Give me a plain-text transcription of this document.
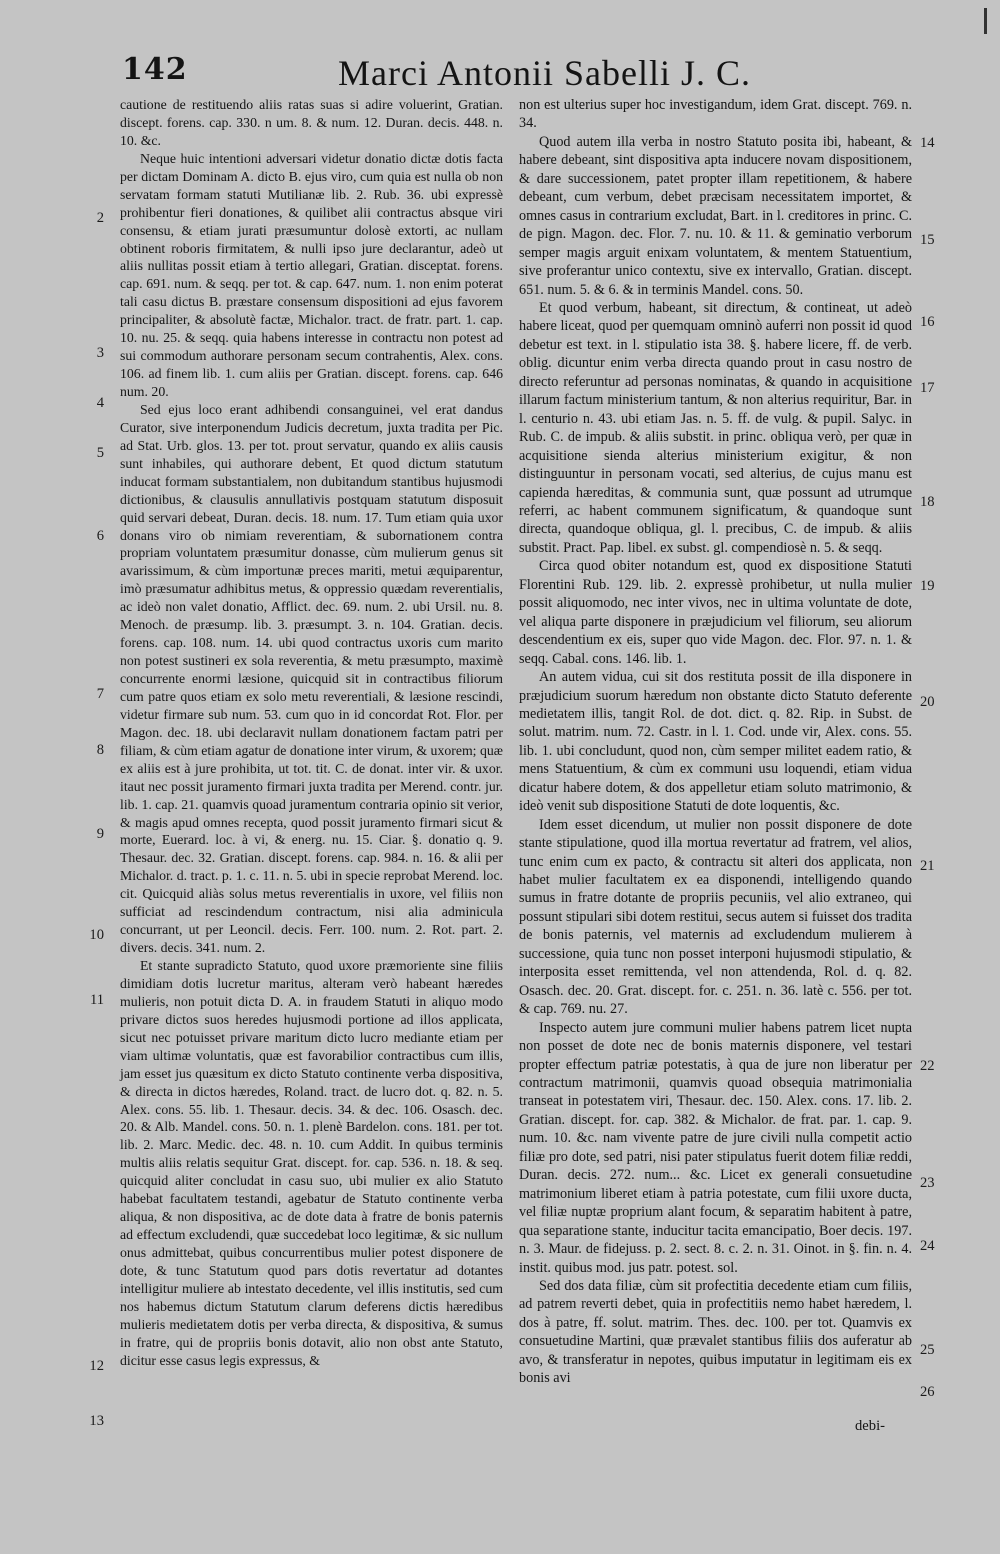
142	Marci Antonii Sabelli J. C.

cautione de restituendo aliis ratas suas si adire voluerint, Gratian. discept. forens. cap. 330. n um. 8. & num. 12. Duran. decis. 448. n. 10. &c.

Neque huic intentioni adversari videtur donatio dictæ dotis facta per dictam Dominam A. dicto B. ejus viro, cum quia est nulla ob non servatam formam statuti Mutilianæ lib. 2. Rub. 36. ubi expressè prohibentur fieri donationes, & quilibet alii contractus absque viri consensu, & etiam jurati præsumuntur dolosè extorti, ac nullam obtinent roboris firmitatem, & nulli ipso jure declarantur, adeò ut aliis nullitas possit etiam à tertio allegari, Gratian. disceptat. forens. cap. 691. num. & seqq. per tot. & cap. 647. num. 1. non enim poterat tali casu dictus B. præstare consensum dispositioni ad ejus favorem principaliter, & absolutè factæ, Michalor. tract. de fratr. part. 1. cap. 10. nu. 25. & seqq. quia habens interesse in contractu non potest ad sui commodum authorare personam secum contrahentis, Alex. cons. 106. ad finem lib. 1. cum aliis per Gratian. discept. forens. cap. 646 num. 20.

Sed ejus loco erant adhibendi consanguinei, vel erat dandus Curator, sive interponendum Judicis decretum, juxta tradita per Pic. ad Stat. Urb. glos. 13. per tot. prout servatur, quando ex aliis causis sunt inhabiles, qui authorare debent, Et quod dictum statutum inducat formam substantialem, non dubitandum stantibus hujusmodi dictionibus, & clausulis annullativis postquam statutum disposuit quid servari debeat, Duran. decis. 18. num. 17. Tum etiam quia uxor donans viro ob nimiam reverentiam, & subornationem contra propriam voluntatem præsumitur donasse, cùm mulierum genus sit avarissimum, & cùm importunæ preces mariti, metui æquiparentur, imò præsumatur adhibitus metus, & oppressio quædam reverentialis, ac ideò non valet donatio, Afflict. dec. 69. num. 2. ubi Ursil. nu. 8. Menoch. de præsump. lib. 3. præsumpt. 3. n. 104. Gratian. decis. forens. cap. 108. num. 14. ubi quod contractus uxoris cum marito non potest sustineri ex sola reverentia, & metu præsumpto, maximè concurrente enormi læsione, quicquid sit in contractibus filiorum cum patre quos etiam ex solo metu reverentiali, & læsione rescindi, videtur firmare sub num. 53. cum quo in id concordat Rot. Flor. per Magon. dec. 18. ubi declaravit nullam donationem factam patri per filiam, & cùm etiam agatur de donatione inter virum, & uxorem; quæ ex aliis est à jure prohibita, ut tot. tit. C. de donat. inter vir. & uxor. itaut nec possit juramento firmari juxta tradita per Merend. contr. jur. lib. 1. cap. 21. quamvis quoad juramentum contraria opinio sit verior, & magis apud omnes recepta, quod possit juramento firmari sicut & morte, Euerard. loc. à vi, & energ. nu. 15. Ciar. §. donatio q. 9. Thesaur. dec. 32. Gratian. discept. forens. cap. 984. n. 16. & alii per Michalor. d. tract. p. 1. c. 11. n. 5. ubi in specie reprobat Merend. loc. cit. Quicquid aliàs solus metus reverentialis in uxore, vel filiis non sufficiat ad rescindendum contractum, nisi alia adminicula concurrant, ut per Leoncil. decis. Ferr. 100. num. 2. Rot. part. 2. divers. decis. 341. num. 2.

Et stante supradicto Statuto, quod uxore præmoriente sine filiis dimidiam dotis lucretur maritus, alteram verò habeant hæredes mulieris, non potuit dicta D. A. in fraudem Statuti in aliquo modo privare dictos suos heredes hujusmodi portione ad illos applicata, sicut nec potuisset privare maritum dicto lucro mediante etiam per viam ultimæ voluntatis, quæ est favorabilior contractibus cum illis, jam esset jus quæsitum ex dicto Statuto continente verba dispositiva, & directa in dictos hæredes, Roland. tract. de lucro dot. q. 82. n. 5. Alex. cons. 55. lib. 1. Thesaur. decis. 34. & dec. 106. Osasch. dec. 20. & Alb. Mandel. cons. 50. n. 1. plenè Bardelon. cons. 181. per tot. lib. 2. Marc. Medic. dec. 48. n. 10. cum Addit. In quibus terminis multis aliis relatis sequitur Grat. discept. for. cap. 536. n. 18. & seq. quicquid aliter concludat in casu suo, ubi mulier ex alio Statuto habebat facultatem testandi, agebatur de Statuto continente verba aliqua, & non dispositiva, ac de dote data à fratre de bonis paternis ad effectum excludendi, quæ succedebat loco legitimæ, & sic nullum onus admittebat, quibus concurrentibus mulier potest disponere de dote, & tunc Statutum quod pars dotis revertatur ad dotantes intelligitur muliere ab intestato decedente, vel illis institutis, sed cum nos habemus dictum Statutum clarum deferens dictis hæredibus mulieris medietatem dotis per verba directa, & dispositiva, & sumus in fratre, qui de propriis bonis dotavit, alio non obst ante Statuto, dicitur esse casus legis expressus, &

non est ulterius super hoc investigandum, idem Grat. discept. 769. n. 34.

Quod autem illa verba in nostro Statuto posita ibi, habeant, & habere debeant, sint dispositiva apta inducere novam dispositionem, & dare successionem, patet propter illam repetitionem, & habere debeant, cum verbum, debet præcisam necessitatem importet, & omnes casus in contrarium excludat, Bart. in l. creditores in princ. C. de pign. Magon. dec. Flor. 7. nu. 10. & 11. & geminatio verborum semper magis arguit enixam voluntatem, & mentem Statuentium, sive proferantur unico contextu, sive ex intervallo, Gratian. discept. 651. num. 5. & 6. & in terminis Mandel. cons. 50.

Et quod verbum, habeant, sit directum, & contineat, ut adeò habere liceat, quod per quemquam omninò auferri non possit id quod debetur est text. in l. stipulatio ista 38. §. habere licere, ff. de verb. oblig. dicuntur enim verba directa quando prout in casu nostro de directo referuntur ad personas nominatas, & quando in acquisitione illarum factum ministerium tantum, & non alterius requiritur, Bar. in l. centurio n. 43. ubi etiam Jas. n. 5. ff. de vulg. & pupil. Salyc. in Rub. C. de impub. & aliis substit. in princ. obliqua verò, per quæ in acquisitione sienda alterius ministerium exigitur, & non distinguuntur in personam vocati, sed alterius, de cujus manu est capienda hæreditas, & communia sunt, quæ possunt ad utrumque referri, ac habent communem significatum, & quandoque sunt directa, quandoque obliqua, gl. l. precibus, C. de impub. & aliis substit. Pract. Pap. libel. ex subst. gl. compendiosè n. 5. & seqq.

Circa quod obiter notandum est, quod ex dispositione Statuti Florentini Rub. 129. lib. 2. expressè prohibetur, ut nulla mulier possit aliquomodo, nec inter vivos, nec in ultima voluntate de dote, vel aliqua parte disponere in præjudicium vel filiorum, seu aliorum descendentium ex eis, super quo vide Magon. dec. Flor. 97. n. 1. & seqq. Cabal. cons. 146. lib. 1.

An autem vidua, cui sit dos restituta possit de illa disponere in præjudicium suorum hæredum non obstante dicto Statuto deferente medietatem illis, tangit Rol. de dot. dict. q. 82. Rip. in Subst. de solut. matrim. num. 72. Castr. in l. 1. Cod. unde vir, Alex. cons. 55. lib. 1. ubi concludunt, quod non, cùm semper militet eadem ratio, & mens Statuentium, & cùm ex communi usu loquendi, etiam vidua dicatur habere dotem, & dos appelletur etiam soluto matrimonio, & ideò venit sub dispositione Statuti de dote loquentis, &c.

Idem esset dicendum, ut mulier non possit disponere de dote stante stipulatione, quod illa mortua revertatur ad fratrem, vel alios, tunc enim cum ex pacto, & contractu sit alteri dos applicata, non habet mulier facultatem ex ea disponendi, intelligendo quando sumus in fratre dotante de propriis pecuniis, vel alio extraneo, qui possunt stipulari sibi dotem restitui, secus autem si fuisset dos tradita de bonis paternis, vel maternis ad excludendum mulierem à successione, quia tunc non posset interponi hujusmodi stipulatio, & interposita esset remittenda, vel non attendenda, Rol. d. q. 82. Osasch. dec. 20. Grat. discept. for. c. 251. n. 36. latè c. 556. per tot. & cap. 769. nu. 27.

Inspecto autem jure communi mulier habens patrem licet nupta non posset de dote nec de bonis maternis disponere, vel testari propter effectum patriæ potestatis, à qua de jure non liberatur per contractum matrimonii, quamvis quoad obsequia matrimonialia transeat in potestatem viri, Thesaur. dec. 150. Alex. cons. 17. lib. 2. Gratian. discept. for. cap. 382. & Michalor. de frat. par. 1. cap. 9. num. 10. &c. nam vivente patre de jure civili nulla competit actio filiæ pro dote, sed patri, nisi pater stipulatus fuerit dotem filiæ reddi, Duran. decis. 272. num... &c. Licet ex generali consuetudine matrimonium liberet etiam à patria potestate, cum filii uxore ducta, vel filiæ nuptæ proprium alant focum, & separatim habitent à patre, qua separatione stante, inducitur tacita emancipatio, Boer decis. 197. n. 3. Maur. de fidejuss. p. 2. sect. 8. c. 2. n. 31. Oinot. in §. fin. n. 4. instit. quibus mod. jus patr. potest. sol.

Sed dos data filiæ, cùm sit profectitia decedente etiam cum filiis, ad patrem reverti debet, quia in profectitiis nemo habet hæredem, l. dos à patre, ff. solut. matrim. Thes. dec. 100. per tot. Quamvis ex consuetudine Martini, quæ prævalet stantibus filiis dos auferatur ab avo, & transferatur in nepotes, quibus imputatur in legitimam eis ex bonis avi

debi-
2
3
4
5
6
7
8
9
10
11
12
13
14
15
16
17
18
19
20
21
22
23
24
25
26
